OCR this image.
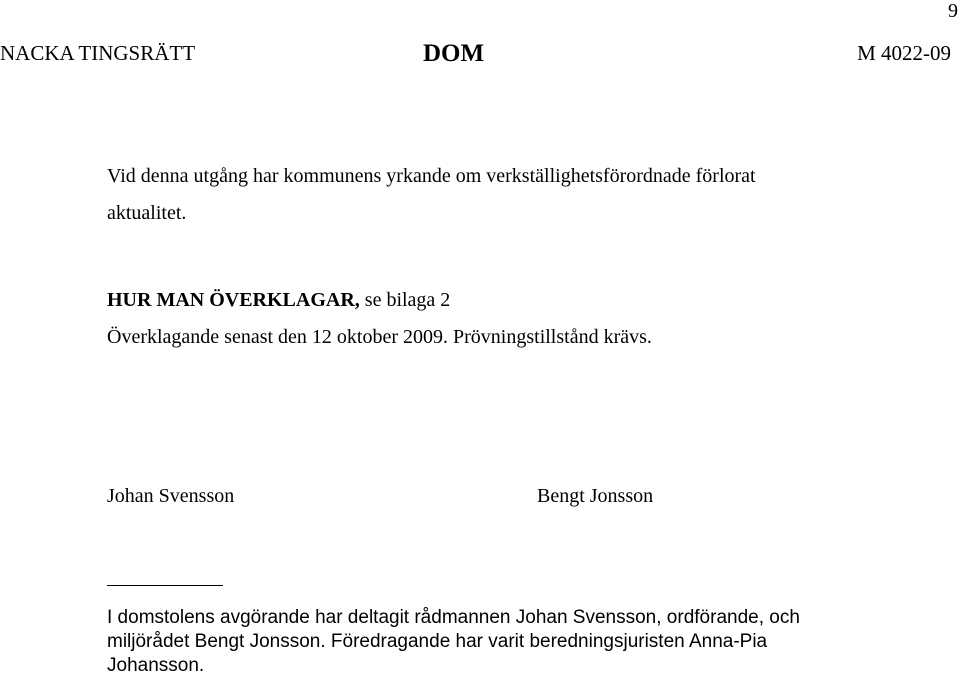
9
NACKA TINGSRÄTT	DOM	M 4022-09
Vid denna utgång har kommunens yrkande om verkställighetsförordnade förlorat
aktualitet.
HUR MAN ÖVERKLAGAR, se bilaga 2
Överklagande senast den 12 oktober 2009. Prövningstillstånd krävs.
Johan Svensson	Bengt Jonsson
I domstolens avgörande har deltagit rådmannen Johan Svensson, ordförande, och
miljörådet Bengt Jonsson. Föredragande har varit beredningsjuristen Anna-Pia
Johansson.
